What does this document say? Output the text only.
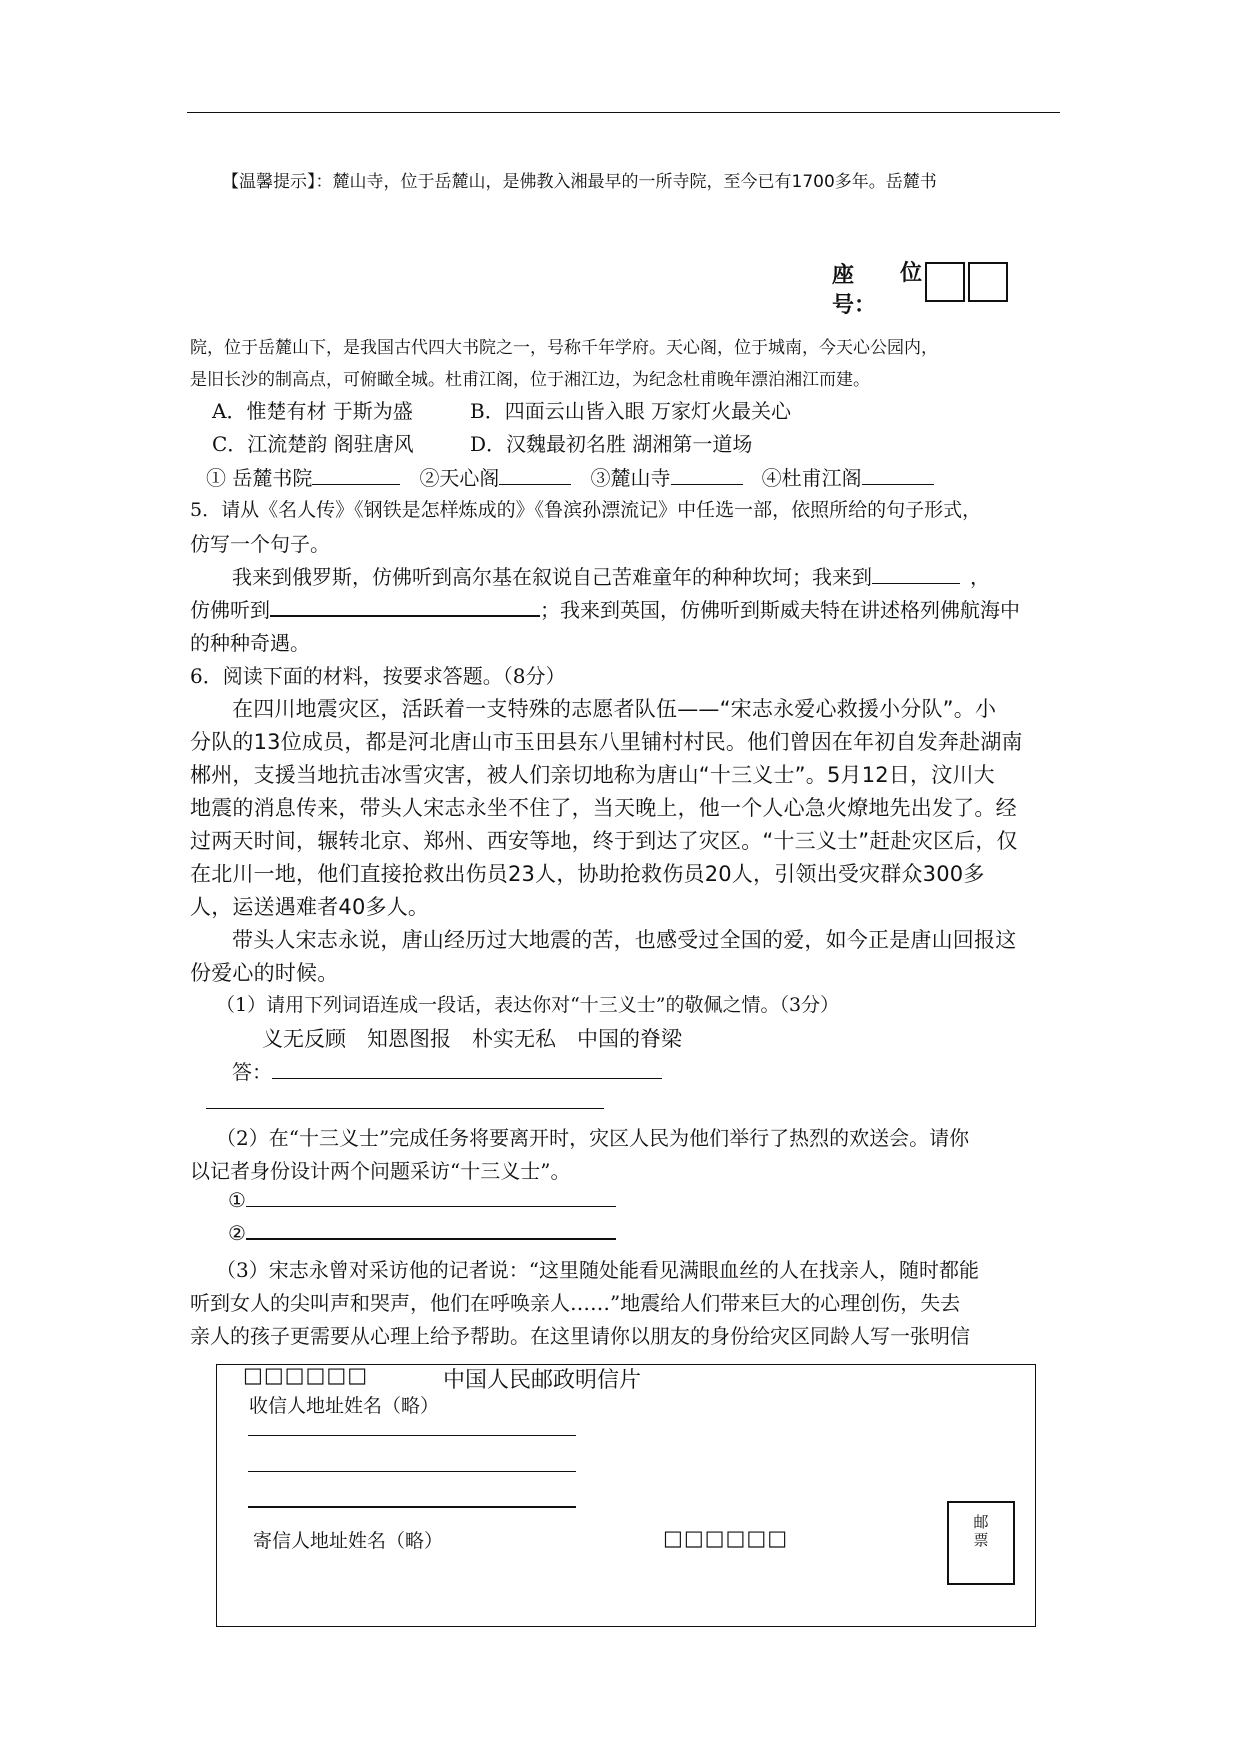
【温馨提示】：麓山寺，位于岳麓山，是佛教入湘最早的一所寺院，至今已有1700多年。岳麓书
座 位
号：
院，位于岳麓山下，是我国古代四大书院之一，号称千年学府。天心阁，位于城南，今天心公园内，
是旧长沙的制高点，可俯瞰全城。杜甫江阁，位于湘江边，为纪念杜甫晚年漂泊湘江而建。
A．惟楚有材 于斯为盛	B．四面云山皆入眼 万家灯火最关心
C．江流楚韵 阁驻唐风	D．汉魏最初名胜 湖湘第一道场
① 岳麓书院	②天心阁	③麓山寺	④杜甫江阁
5．请从《名人传》《钢铁是怎样炼成的》《鲁滨孙漂流记》中任选一部，依照所给的句子形式，
仿写一个句子。
我来到俄罗斯，仿佛听到高尔基在叙说自己苦难童年的种种坎坷；我来到	，
仿佛听到	；我来到英国，仿佛听到斯威夫特在讲述格列佛航海中
的种种奇遇。
6．阅读下面的材料，按要求答题。（8分）
在四川地震灾区，活跃着一支特殊的志愿者队伍——“宋志永爱心救援小分队”。小
分队的13位成员，都是河北唐山市玉田县东八里铺村村民。他们曾因在年初自发奔赴湖南
郴州，支援当地抗击冰雪灾害，被人们亲切地称为唐山“十三义士”。5月12日，汶川大
地震的消息传来，带头人宋志永坐不住了，当天晚上，他一个人心急火燎地先出发了。经
过两天时间，辗转北京、郑州、西安等地，终于到达了灾区。“十三义士”赶赴灾区后，仅
在北川一地，他们直接抢救出伤员23人，协助抢救伤员20人，引领出受灾群众300多
人，运送遇难者40多人。
带头人宋志永说，唐山经历过大地震的苦，也感受过全国的爱，如今正是唐山回报这
份爱心的时候。
（1）请用下列词语连成一段话，表达你对“十三义士”的敬佩之情。（3分）
义无反顾　知恩图报　朴实无私　中国的脊梁
答：
（2）在“十三义士”完成任务将要离开时，灾区人民为他们举行了热烈的欢送会。请你
以记者身份设计两个问题采访“十三义士”。
①
②
（3）宋志永曾对采访他的记者说：“这里随处能看见满眼血丝的人在找亲人，随时都能
听到女人的尖叫声和哭声，他们在呼唤亲人……”地震给人们带来巨大的心理创伤，失去
亲人的孩子更需要从心理上给予帮助。在这里请你以朋友的身份给灾区同龄人写一张明信
□□□□□□	中国人民邮政明信片
收信人地址姓名（略）
寄信人地址姓名（略）	□□□□□□
邮
票
